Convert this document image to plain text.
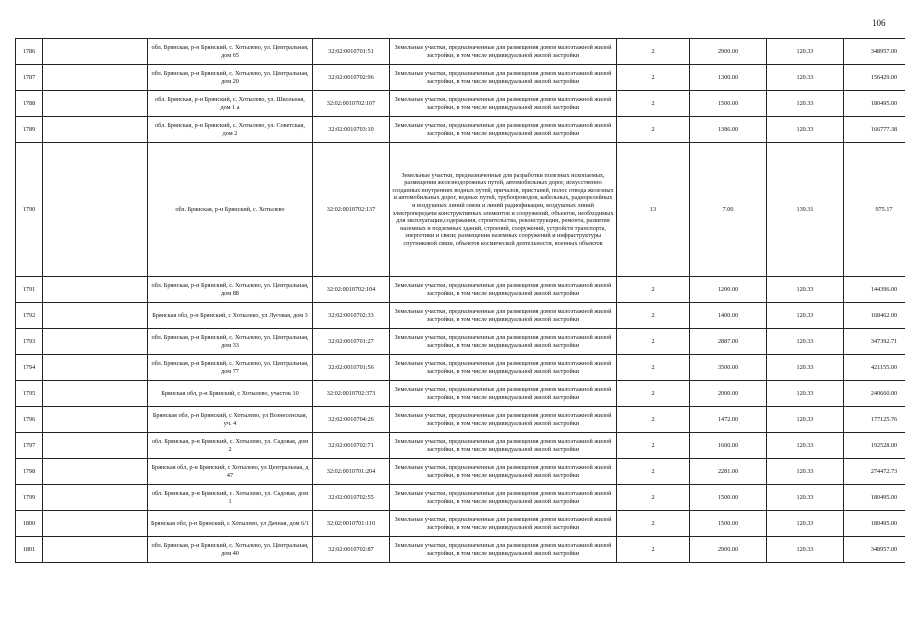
106
1786		обл. Брянская, р-н Брянский, с. Хотылево, ул. Центральная, дом 65	32:02:0010701:51	Земельные участки, предназначенные для размещения домов малоэтажной жилой застройки, в том числе индивидуальной жилой застройки	2	2900.00	120.33	348957.00
1787		обл. Брянская, р-н Брянский, с. Хотылево, ул. Центральная, дом 20	32:02:0010702:96	Земельные участки, предназначенные для размещения домов малоэтажной жилой застройки, в том числе индивидуальной жилой застройки	2	1300.00	120.33	156429.00
1788		обл. Брянская, р-н Брянский, с. Хотылево, ул. Школьная, дом 1 а	32:02:0010702:107	Земельные участки, предназначенные для размещения домов малоэтажной жилой застройки, в том числе индивидуальной жилой застройки	2	1500.00	120.33	180495.00
1789		обл. Брянская, р-н Брянский, с. Хотылево, ул. Советская, дом 2	32:02:0010703:10	Земельные участки, предназначенные для размещения домов малоэтажной жилой застройки, в том числе индивидуальной жилой застройки	2	1386.00	120.33	166777.38
1790		обл. Брянская, р-н Брянский, с. Хотылево	32:02:0010702:137	Земельные участки, предназначенные для разработки полезных ископаемых, размещения железнодорожных путей, автомобильных дорог, искусственно созданных внутренних водных путей, причалов, пристаней, полос отвода железных и автомобильных дорог, водных путей, трубопроводов, кабельных, радиорелейных и воздушных линий связи и линий радиофикации, воздушных линий электропередачи конструктивных элементов и сооружений, объектов, необходимых для эксплуатации,содержания, строительства, реконструкции, ремонта, развития наземных и подземных зданий, строений, сооружений, устройств транспорта, энергетики и связи; размещения наземных сооружений и инфраструктуры спутниковой связи, объектов космической деятельности, военных объектов	13	7.00	139.31	975.17
1791		обл. Брянская, р-н Брянский, с. Хотылево, ул. Центральная, дом 88	32:02:0010702:104	Земельные участки, предназначенные для размещения домов малоэтажной жилой застройки, в том числе индивидуальной жилой застройки	2	1200.00	120.33	144396.00
1792		Брянская обл, р-н Брянский, с Хотылево, ул Луговая, дом 3	32:02:0010702:33	Земельные участки, предназначенные для размещения домов малоэтажной жилой застройки, в том числе индивидуальной жилой застройки	2	1400.00	120.33	168462.00
1793		обл. Брянская, р-н Брянский, с. Хотылево, ул. Центральная, дом 33	32:02:0010701:27	Земельные участки, предназначенные для размещения домов малоэтажной жилой застройки, в том числе индивидуальной жилой застройки	2	2887.00	120.33	347392.71
1794		обл. Брянская, р-н Брянский, с. Хотылево, ул. Центральная, дом 77	32:02:0010701:56	Земельные участки, предназначенные для размещения домов малоэтажной жилой застройки, в том числе индивидуальной жилой застройки	2	3500.00	120.33	421155.00
1795		Брянская обл, р-н Брянский, с Хотылево, участок 10	32:02:0010702:373	Земельные участки, предназначенные для размещения домов малоэтажной жилой застройки, в том числе индивидуальной жилой застройки	2	2000.00	120.33	240660.00
1796		Брянская обл, р-н Брянский, с Хотылево, ул Вознесенская, уч. 4	32:02:0010704:26	Земельные участки, предназначенные для размещения домов малоэтажной жилой застройки, в том числе индивидуальной жилой застройки	2	1472.00	120.33	177125.76
1797		обл. Брянская, р-н Брянский, с. Хотылево, ул. Садовая, дом 2	32:02:0010702:71	Земельные участки, предназначенные для размещения домов малоэтажной жилой застройки, в том числе индивидуальной жилой застройки	2	1600.00	120.33	192528.00
1798		Брянская обл, р-н Брянский, с Хотылево, ул Центральная, д 47	32:02:0010701:204	Земельные участки, предназначенные для размещения домов малоэтажной жилой застройки, в том числе индивидуальной жилой застройки	2	2281.00	120.33	274472.73
1799		обл. Брянская, р-н Брянский, с. Хотылево, ул. Садовая, дом 1	32:02:0010702:55	Земельные участки, предназначенные для размещения домов малоэтажной жилой застройки, в том числе индивидуальной жилой застройки	2	1500.00	120.33	180495.00
1800		Брянская обл, р-н Брянский, с Хотылево, ул Дачная, дом 6/1	32:02:0010701:110	Земельные участки, предназначенные для размещения домов малоэтажной жилой застройки, в том числе индивидуальной жилой застройки	2	1500.00	120.33	180495.00
1801		обл. Брянская, р-н Брянский, с. Хотылево, ул. Центральная, дом 40	32:02:0010702:87	Земельные участки, предназначенные для размещения домов малоэтажной жилой застройки, в том числе индивидуальной жилой застройки	2	2900.00	120.33	348957.00
